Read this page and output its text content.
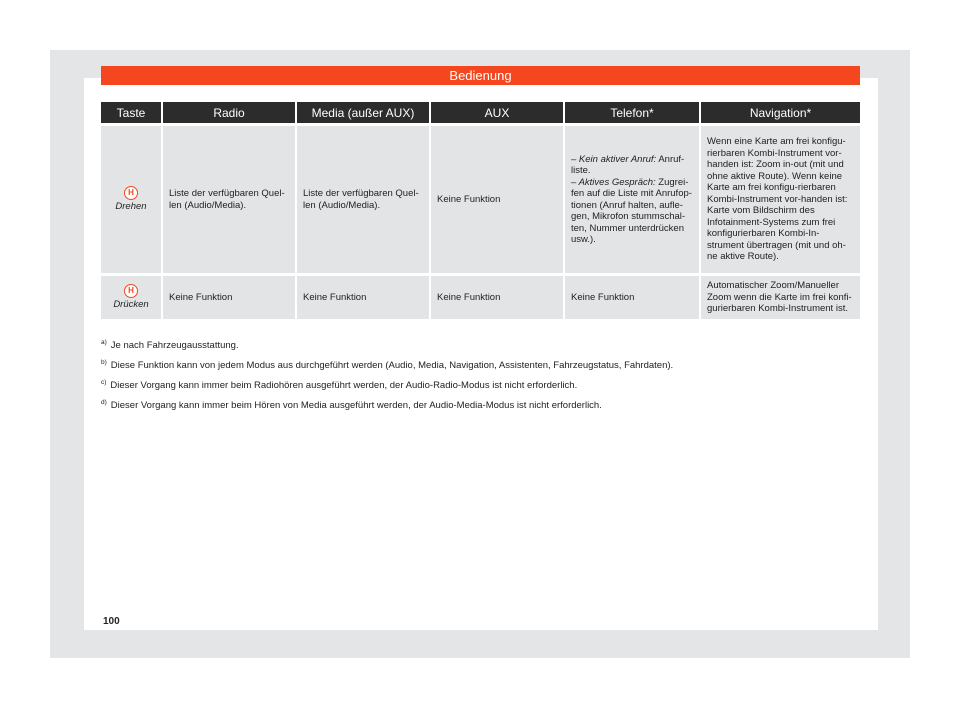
Bedienung
Taste	Radio	Media (außer AUX)	AUX	Telefon*	Navigation*
H
Drehen	Liste der verfügbaren Quel-len (Audio/Media).	Liste der verfügbaren Quel-len (Audio/Media).	Keine Funktion	– Kein aktiver Anruf: Anruf-liste.
– Aktives Gespräch: Zugrei-fen auf die Liste mit Anrufop-tionen (Anruf halten, aufle-gen, Mikrofon stummschal-ten, Nummer unterdrücken usw.).	Wenn eine Karte am frei konfigu-rierbaren Kombi-Instrument vor-handen ist: Zoom in-out (mit und ohne aktive Route). Wenn keine Karte am frei konfigu-rierbaren Kombi-Instrument vor-handen ist: Karte vom Bildschirm des Infotainment-Systems zum frei konfigurierbaren Kombi-In-strument übertragen (mit und oh-ne aktive Route).
H
Drücken	Keine Funktion	Keine Funktion	Keine Funktion	Keine Funktion	Automatischer Zoom/Manueller Zoom wenn die Karte im frei konfi-gurierbaren Kombi-Instrument ist.
$^{a)}$ Je nach Fahrzeugausstattung.
$^{b)}$ Diese Funktion kann von jedem Modus aus durchgeführt werden (Audio, Media, Navigation, Assistenten, Fahrzeugstatus, Fahrdaten).
$^{c)}$ Dieser Vorgang kann immer beim Radiohören ausgeführt werden, der Audio-Radio-Modus ist nicht erforderlich.
$^{d)}$ Dieser Vorgang kann immer beim Hören von Media ausgeführt werden, der Audio-Media-Modus ist nicht erforderlich.
100
